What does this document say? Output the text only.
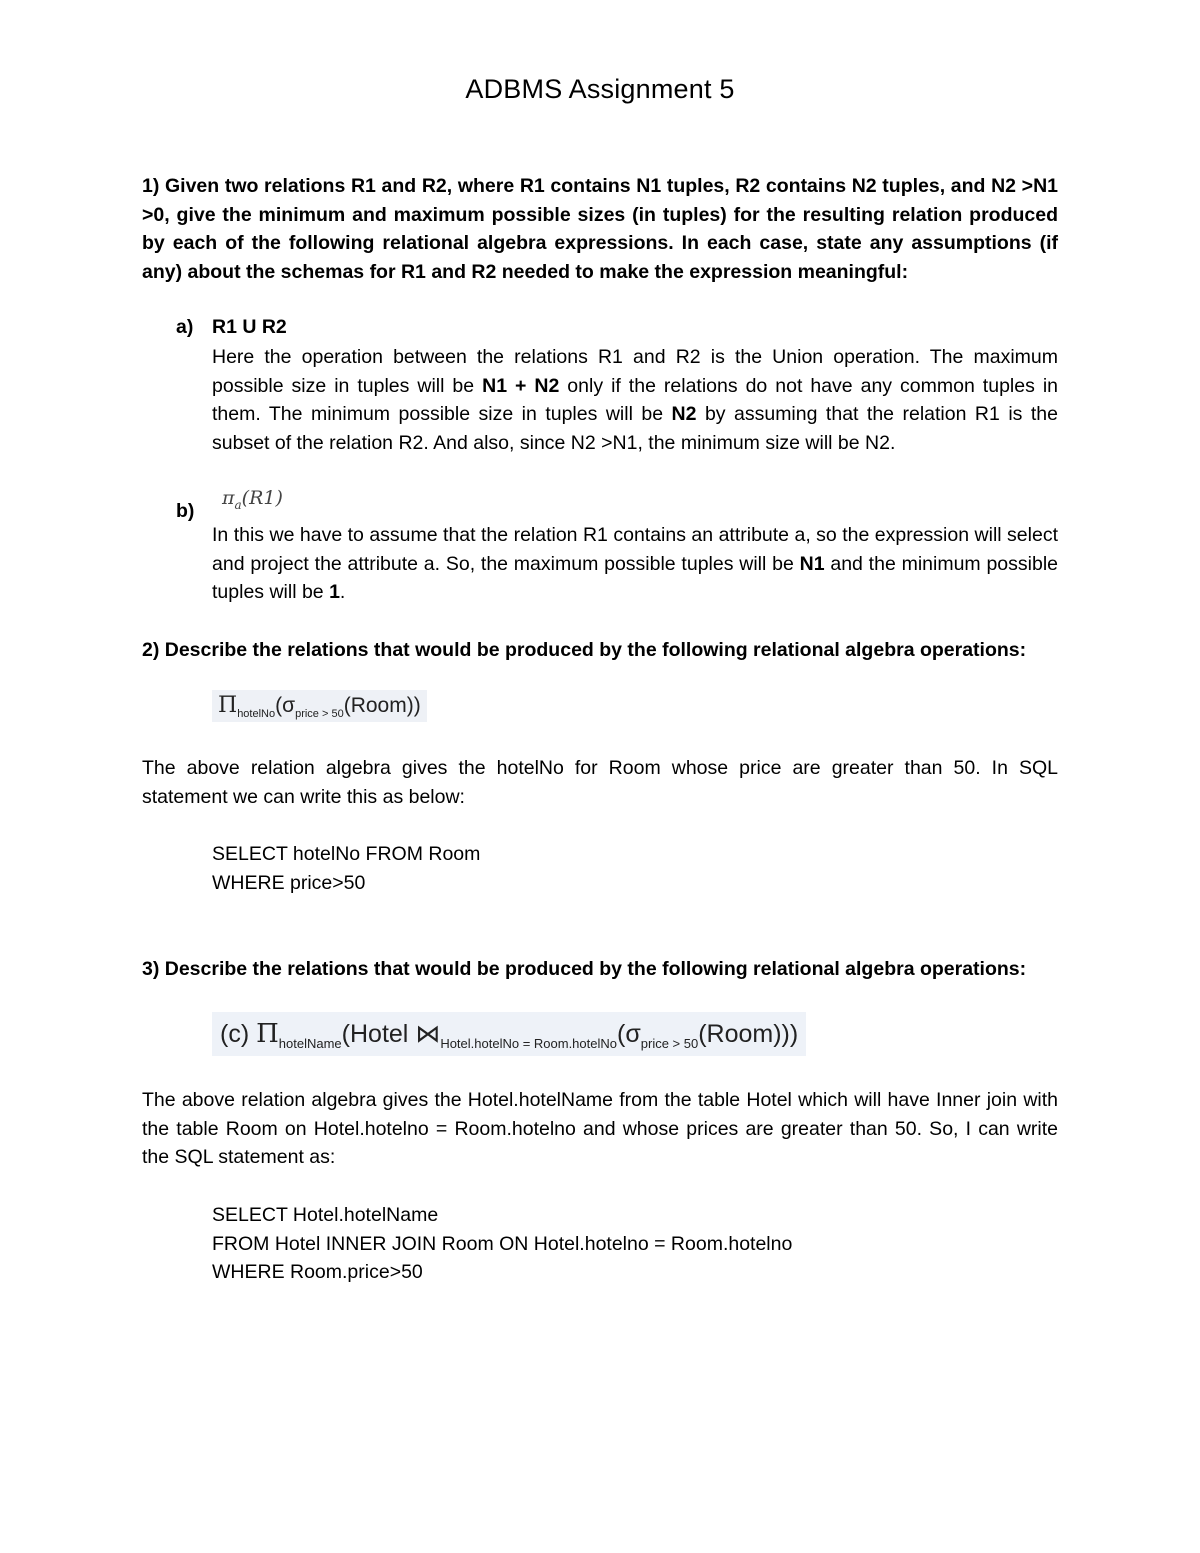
ADBMS Assignment 5
1) Given two relations R1 and R2, where R1 contains N1 tuples, R2 contains N2 tuples, and N2 >N1 >0, give the minimum and maximum possible sizes (in tuples) for the resulting relation produced by each of the following relational algebra expressions. In each case, state any assumptions (if any) about the schemas for R1 and R2 needed to make the expression meaningful:
a) R1 U R2
Here the operation between the relations R1 and R2 is the Union operation. The maximum possible size in tuples will be N1 + N2 only if the relations do not have any common tuples in them. The minimum possible size in tuples will be N2 by assuming that the relation R1 is the subset of the relation R2. And also, since N2 >N1, the minimum size will be N2.
$\pi_a(R1)$
b)
In this we have to assume that the relation R1 contains an attribute a, so the expression will select and project the attribute a. So, the maximum possible tuples will be N1 and the minimum possible tuples will be 1.
2) Describe the relations that would be produced by the following relational algebra operations:
$\Pi_{hotelNo}(\sigma_{price > 50}(Room))$
The above relation algebra gives the hotelNo for Room whose price are greater than 50. In SQL statement we can write this as below:
SELECT hotelNo FROM Room
WHERE price>50
3) Describe the relations that would be produced by the following relational algebra operations:
(c) $\Pi_{hotelName}(Hotel$ $⋈_{Hotel.hotelNo = Room.hotelNo}(\sigma_{price > 50}(Room))$)
The above relation algebra gives the Hotel.hotelName from the table Hotel which will have Inner join with the table Room on Hotel.hotelno = Room.hotelno and whose prices are greater than 50. So, I can write the SQL statement as:
SELECT Hotel.hotelName
FROM Hotel INNER JOIN Room ON Hotel.hotelno = Room.hotelno
WHERE Room.price>50
